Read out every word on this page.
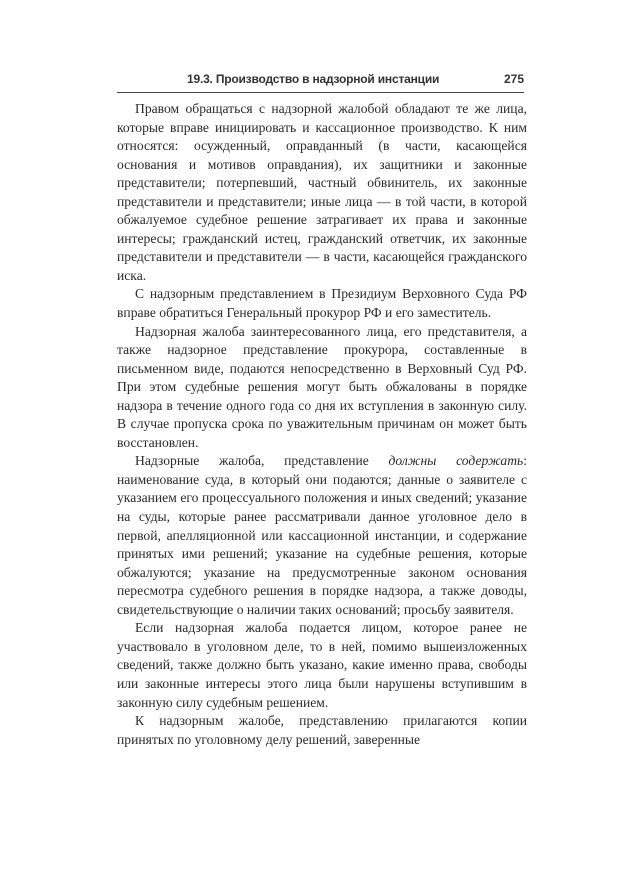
19.3. Производство в надзорной инстанции	275

Правом обращаться с надзорной жалобой обладают те же лица, которые вправе инициировать и кассационное производство. К ним относятся: осужденный, оправданный (в части, касающейся основания и мотивов оправдания), их защитники и законные представители; потерпевший, частный обвинитель, их законные представители и представители; иные лица — в той части, в которой обжалуемое судебное решение затрагивает их права и законные интересы; гражданский истец, гражданский ответчик, их законные представители и представители — в части, касающейся гражданского иска.

С надзорным представлением в Президиум Верховного Суда РФ вправе обратиться Генеральный прокурор РФ и его заместитель.

Надзорная жалоба заинтересованного лица, его представителя, а также надзорное представление прокурора, составленные в письменном виде, подаются непосредственно в Верховный Суд РФ. При этом судебные решения могут быть обжалованы в порядке надзора в течение одного года со дня их вступления в законную силу. В случае пропуска срока по уважительным причинам он может быть восстановлен.

Надзорные жалоба, представление должны содержать: наименование суда, в который они подаются; данные о заявителе с указанием его процессуального положения и иных сведений; указание на суды, которые ранее рассматривали данное уголовное дело в первой, апелляционной или кассационной инстанции, и содержание принятых ими решений; указание на судебные решения, которые обжалуются; указание на предусмотренные законом основания пересмотра судебного решения в порядке надзора, а также доводы, свидетельствующие о наличии таких оснований; просьбу заявителя.

Если надзорная жалоба подается лицом, которое ранее не участвовало в уголовном деле, то в ней, помимо вышеизложенных сведений, также должно быть указано, какие именно права, свободы или законные интересы этого лица были нарушены вступившим в законную силу судебным решением.

К надзорным жалобе, представлению прилагаются копии принятых по уголовному делу решений, заверенные
